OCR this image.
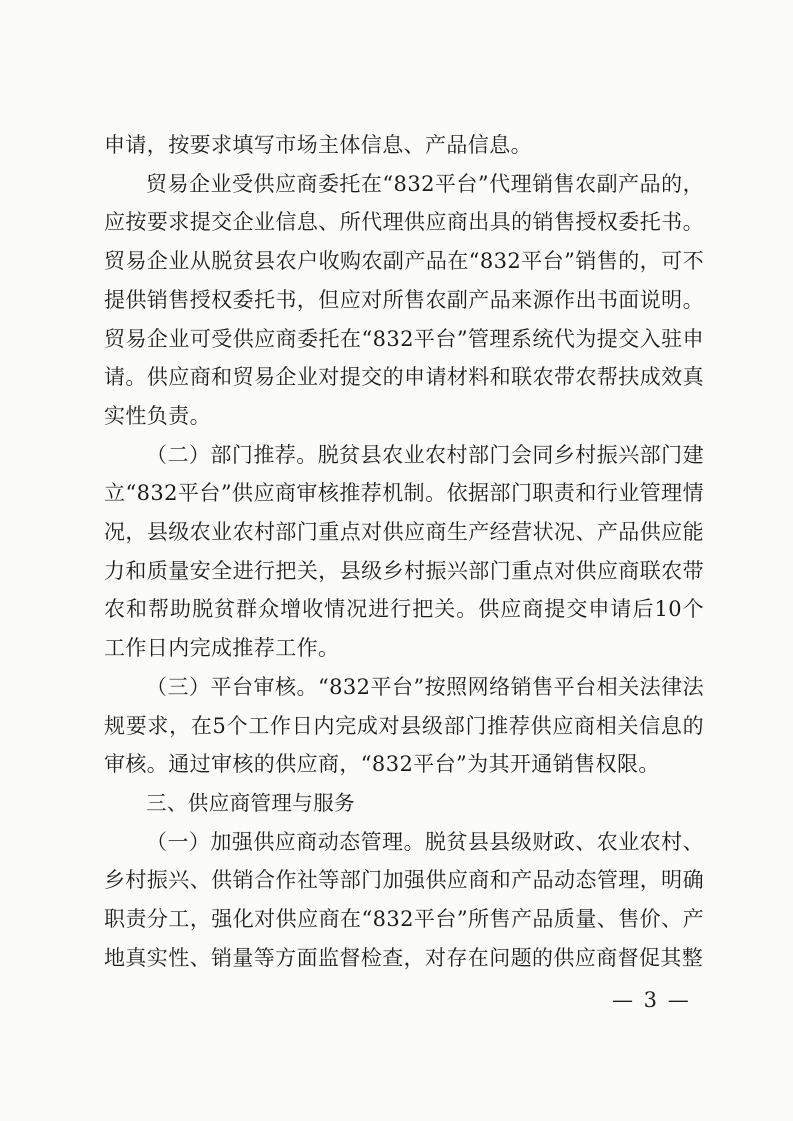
申请，按要求填写市场主体信息、产品信息。

贸易企业受供应商委托在“832平台”代理销售农副产品的，应按要求提交企业信息、所代理供应商出具的销售授权委托书。贸易企业从脱贫县农户收购农副产品在“832平台”销售的，可不提供销售授权委托书，但应对所售农副产品来源作出书面说明。贸易企业可受供应商委托在“832平台”管理系统代为提交入驻申请。供应商和贸易企业对提交的申请材料和联农带农帮扶成效真实性负责。

（二）部门推荐。脱贫县农业农村部门会同乡村振兴部门建立“832平台”供应商审核推荐机制。依据部门职责和行业管理情况，县级农业农村部门重点对供应商生产经营状况、产品供应能力和质量安全进行把关，县级乡村振兴部门重点对供应商联农带农和帮助脱贫群众增收情况进行把关。供应商提交申请后10个工作日内完成推荐工作。

（三）平台审核。“832平台”按照网络销售平台相关法律法规要求，在5个工作日内完成对县级部门推荐供应商相关信息的审核。通过审核的供应商，“832平台”为其开通销售权限。

三、供应商管理与服务

（一）加强供应商动态管理。脱贫县县级财政、农业农村、乡村振兴、供销合作社等部门加强供应商和产品动态管理，明确职责分工，强化对供应商在“832平台”所售产品质量、售价、产地真实性、销量等方面监督检查，对存在问题的供应商督促其整

— 3 —
